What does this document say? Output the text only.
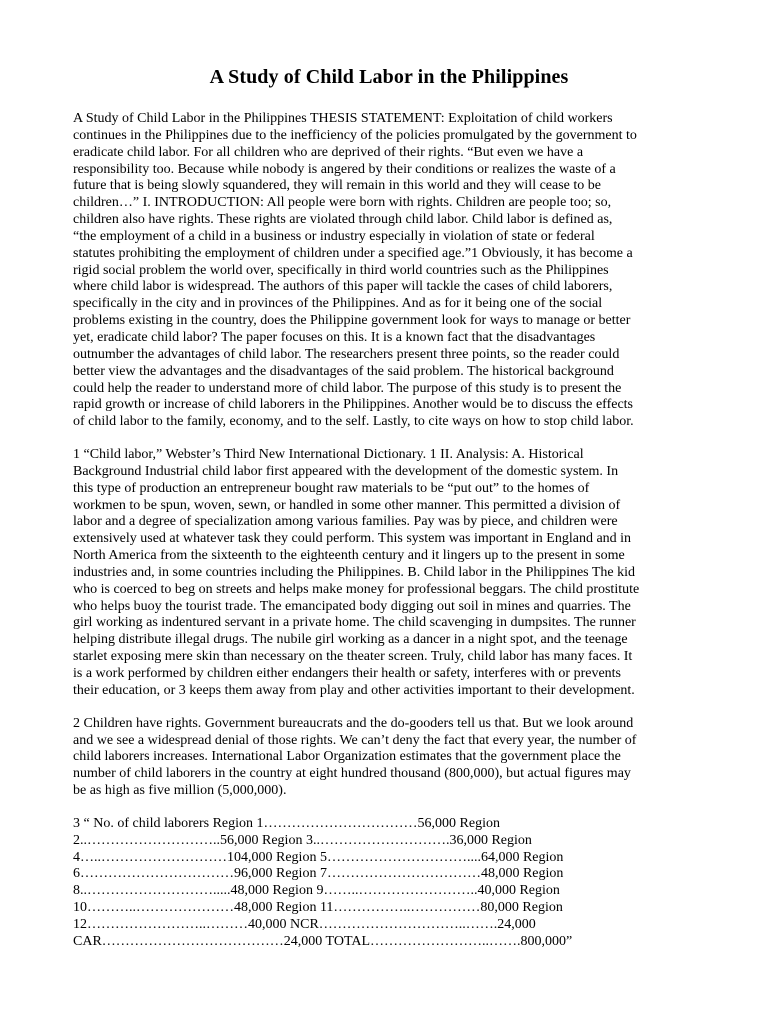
A Study of Child Labor in the Philippines

A Study of Child Labor in the Philippines THESIS STATEMENT: Exploitation of child workers
continues in the Philippines due to the inefficiency of the policies promulgated by the government to
eradicate child labor. For all children who are deprived of their rights. “But even we have a
responsibility too. Because while nobody is angered by their conditions or realizes the waste of a
future that is being slowly squandered, they will remain in this world and they will cease to be
children…” I. INTRODUCTION: All people were born with rights. Children are people too; so,
children also have rights. These rights are violated through child labor. Child labor is defined as,
“the employment of a child in a business or industry especially in violation of state or federal
statutes prohibiting the employment of children under a specified age.”1 Obviously, it has become a
rigid social problem the world over, specifically in third world countries such as the Philippines
where child labor is widespread. The authors of this paper will tackle the cases of child laborers,
specifically in the city and in provinces of the Philippines. And as for it being one of the social
problems existing in the country, does the Philippine government look for ways to manage or better
yet, eradicate child labor? The paper focuses on this. It is a known fact that the disadvantages
outnumber the advantages of child labor. The researchers present three points, so the reader could
better view the advantages and the disadvantages of the said problem. The historical background
could help the reader to understand more of child labor. The purpose of this study is to present the
rapid growth or increase of child laborers in the Philippines. Another would be to discuss the effects
of child labor to the family, economy, and to the self. Lastly, to cite ways on how to stop child labor.

1 “Child labor,” Webster’s Third New International Dictionary. 1 II. Analysis: A. Historical
Background Industrial child labor first appeared with the development of the domestic system. In
this type of production an entrepreneur bought raw materials to be “put out” to the homes of
workmen to be spun, woven, sewn, or handled in some other manner. This permitted a division of
labor and a degree of specialization among various families. Pay was by piece, and children were
extensively used at whatever task they could perform. This system was important in England and in
North America from the sixteenth to the eighteenth century and it lingers up to the present in some
industries and, in some countries including the Philippines. B. Child labor in the Philippines The kid
who is coerced to beg on streets and helps make money for professional beggars. The child prostitute
who helps buoy the tourist trade. The emancipated body digging out soil in mines and quarries. The
girl working as indentured servant in a private home. The child scavenging in dumpsites. The runner
helping distribute illegal drugs. The nubile girl working as a dancer in a night spot, and the teenage
starlet exposing mere skin than necessary on the theater screen. Truly, child labor has many faces. It
is a work performed by children either endangers their health or safety, interferes with or prevents
their education, or 3 keeps them away from play and other activities important to their development.

2 Children have rights. Government bureaucrats and the do-gooders tell us that. But we look around
and we see a widespread denial of those rights. We can’t deny the fact that every year, the number of
child laborers increases. International Labor Organization estimates that the government place the
number of child laborers in the country at eight hundred thousand (800,000), but actual figures may
be as high as five million (5,000,000).

3 “ No. of child laborers Region 1……………………………56,000 Region
2..………………………..56,000 Region 3..……………………….36,000 Region
4…..………………………104,000 Region 5…………………………....64,000 Region
6……………………………96,000 Region 7……………………………48,000 Region
8..……………………….....48,000 Region 9……..……………………..40,000 Region
10………..…………………48,000 Region 11……………..……………80,000 Region
12……………………..………40,000 NCR…………………………..…….24,000
CAR…………………………………24,000 TOTAL……………………..…….800,000”
